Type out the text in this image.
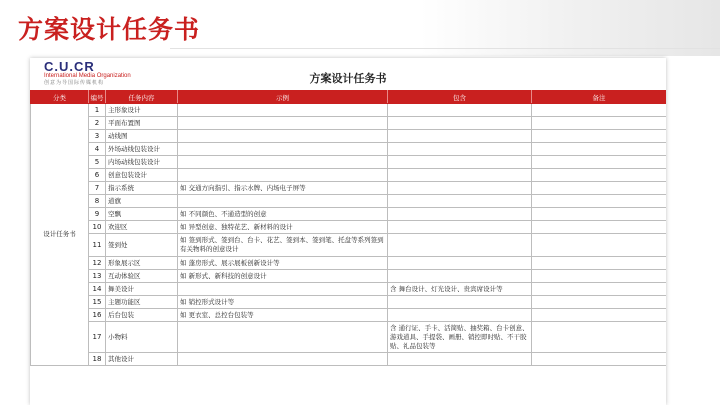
方案设计任务书
C.U.CR
International Media Organization
创意为导国际传媒机构	方案设计任务书
分类	编号	任务内容	示例	包含	备注
设计任务书	1	主形象设计			
	2	平面布置图			
	3	动线图			
	4	外场动线包装设计			
	5	内场动线包装设计			
	6	创意包装设计			
	7	指示系统	如 交通方向指引、指示水牌、内场电子屏等		
	8	道旗			
	9	空飘	如 不同颜色、不通造型的创意		
	10	欢迎区	如 异型创意、独特花艺、新材料的设计		
	11	签到处	如 签到形式、签到台、台卡、花艺、签到本、签到笔、托盘等系列签到有关物料的创意设计		
	12	形象展示区	如 蓬房形式、展示展板创新设计等		
	13	互动体验区	如 新形式、新科技的创意设计		
	14	舞美设计		含 舞台设计、灯光设计、贵宾席设计等	
	15	主题功能区	如 销控形式设计等		
	16	后台包装	如 更衣室、总控台包装等		
	17	小物料		含 通行证、手卡、活简贴、抽奖箱、台卡创意、游戏道具、手提袋、画册、销控即时贴、不干胶贴、礼品包装等	
	18	其他设计			
